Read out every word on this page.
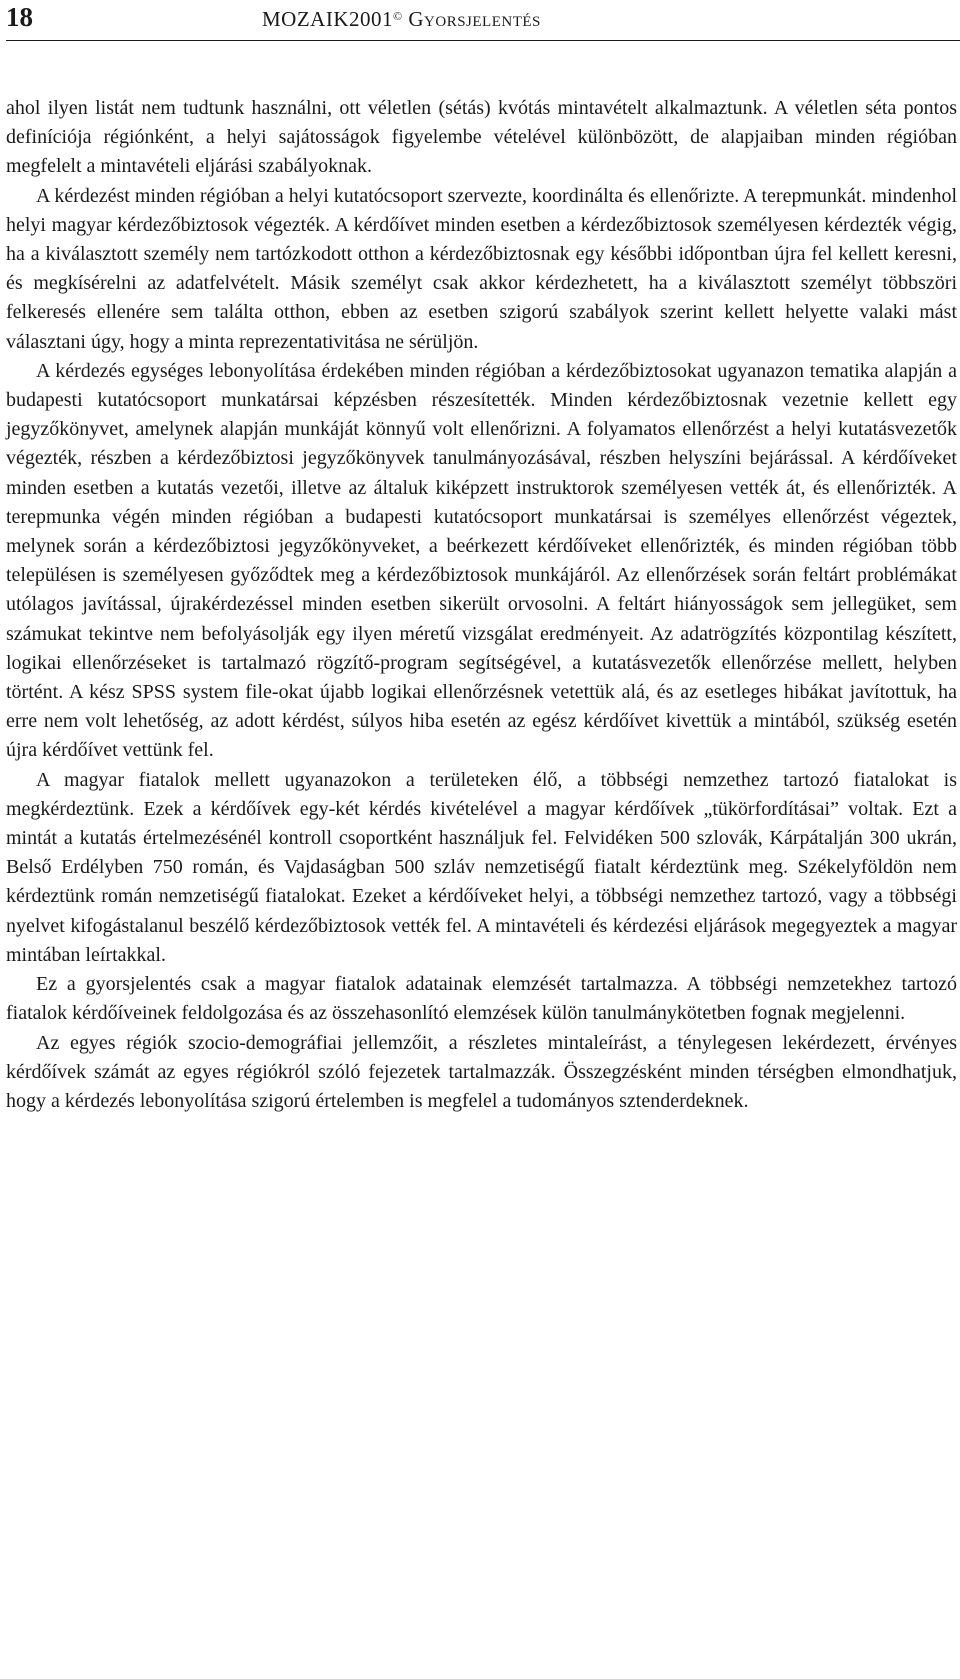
18	MOZAIK2001© Gyorsjelentés

ahol ilyen listát nem tudtunk használni, ott véletlen (sétás) kvótás mintavételt alkalmaztunk. A véletlen séta pontos definíciója régiónként, a helyi sajátosságok figyelembe vételével különbözött, de alapjaiban minden régióban megfelelt a mintavételi eljárási szabályoknak.

A kérdezést minden régióban a helyi kutatócsoport szervezte, koordinálta és ellenőrizte. A terepmunkát. mindenhol helyi magyar kérdezőbiztosok végezték. A kérdőívet minden esetben a kérdezőbiztosok személyesen kérdezték végig, ha a kiválasztott személy nem tartózkodott otthon a kérdezőbiztosnak egy későbbi időpontban újra fel kellett keresni, és megkísérelni az adatfelvételt. Másik személyt csak akkor kérdezhetett, ha a kiválasztott személyt többszöri felkeresés ellenére sem találta otthon, ebben az esetben szigorú szabályok szerint kellett helyette valaki mást választani úgy, hogy a minta reprezentativitása ne sérüljön.

A kérdezés egységes lebonyolítása érdekében minden régióban a kérdezőbiztosokat ugyanazon tematika alapján a budapesti kutatócsoport munkatársai képzésben részesítették. Minden kérdezőbiztosnak vezetnie kellett egy jegyzőkönyvet, amelynek alapján munkáját könnyű volt ellenőrizni. A folyamatos ellenőrzést a helyi kutatásvezetők végezték, részben a kérdezőbiztosi jegyzőkönyvek tanulmányozásával, részben helyszíni bejárással. A kérdőíveket minden esetben a kutatás vezetői, illetve az általuk kiképzett instruktorok személyesen vették át, és ellenőrizték. A terepmunka végén minden régióban a budapesti kutatócsoport munkatársai is személyes ellenőrzést végeztek, melynek során a kérdezőbiztosi jegyzőkönyveket, a beérkezett kérdőíveket ellenőrizték, és minden régióban több településen is személyesen győződtek meg a kérdezőbiztosok munkájáról. Az ellenőrzések során feltárt problémákat utólagos javítással, újrakérdezéssel minden esetben sikerült orvosolni. A feltárt hiányosságok sem jellegüket, sem számukat tekintve nem befolyásolják egy ilyen méretű vizsgálat eredményeit. Az adatrögzítés központilag készített, logikai ellenőrzéseket is tartalmazó rögzítő-program segítségével, a kutatásvezetők ellenőrzése mellett, helyben történt. A kész SPSS system file-okat újabb logikai ellenőrzésnek vetettük alá, és az esetleges hibákat javítottuk, ha erre nem volt lehetőség, az adott kérdést, súlyos hiba esetén az egész kérdőívet kivettük a mintából, szükség esetén újra kérdőívet vettünk fel.

A magyar fiatalok mellett ugyanazokon a területeken élő, a többségi nemzethez tartozó fiatalokat is megkérdeztünk. Ezek a kérdőívek egy-két kérdés kivételével a magyar kérdőívek „tükörfordításai” voltak. Ezt a mintát a kutatás értelmezésénél kontroll csoportként használjuk fel. Felvidéken 500 szlovák, Kárpátalján 300 ukrán, Belső Erdélyben 750 román, és Vajdaságban 500 szláv nemzetiségű fiatalt kérdeztünk meg. Székelyföldön nem kérdeztünk román nemzetiségű fiatalokat. Ezeket a kérdőíveket helyi, a többségi nemzethez tartozó, vagy a többségi nyelvet kifogástalanul beszélő kérdezőbiztosok vették fel. A mintavételi és kérdezési eljárások megegyeztek a magyar mintában leírtakkal.

Ez a gyorsjelentés csak a magyar fiatalok adatainak elemzését tartalmazza. A többségi nemzetekhez tartozó fiatalok kérdőíveinek feldolgozása és az összehasonlító elemzések külön tanulmánykötetben fognak megjelenni.

Az egyes régiók szocio-demográfiai jellemzőit, a részletes mintaleírást, a ténylegesen lekérdezett, érvényes kérdőívek számát az egyes régiókról szóló fejezetek tartalmazzák. Összegzésként minden térségben elmondhatjuk, hogy a kérdezés lebonyolítása szigorú értelemben is megfelel a tudományos sztenderdeknek.
